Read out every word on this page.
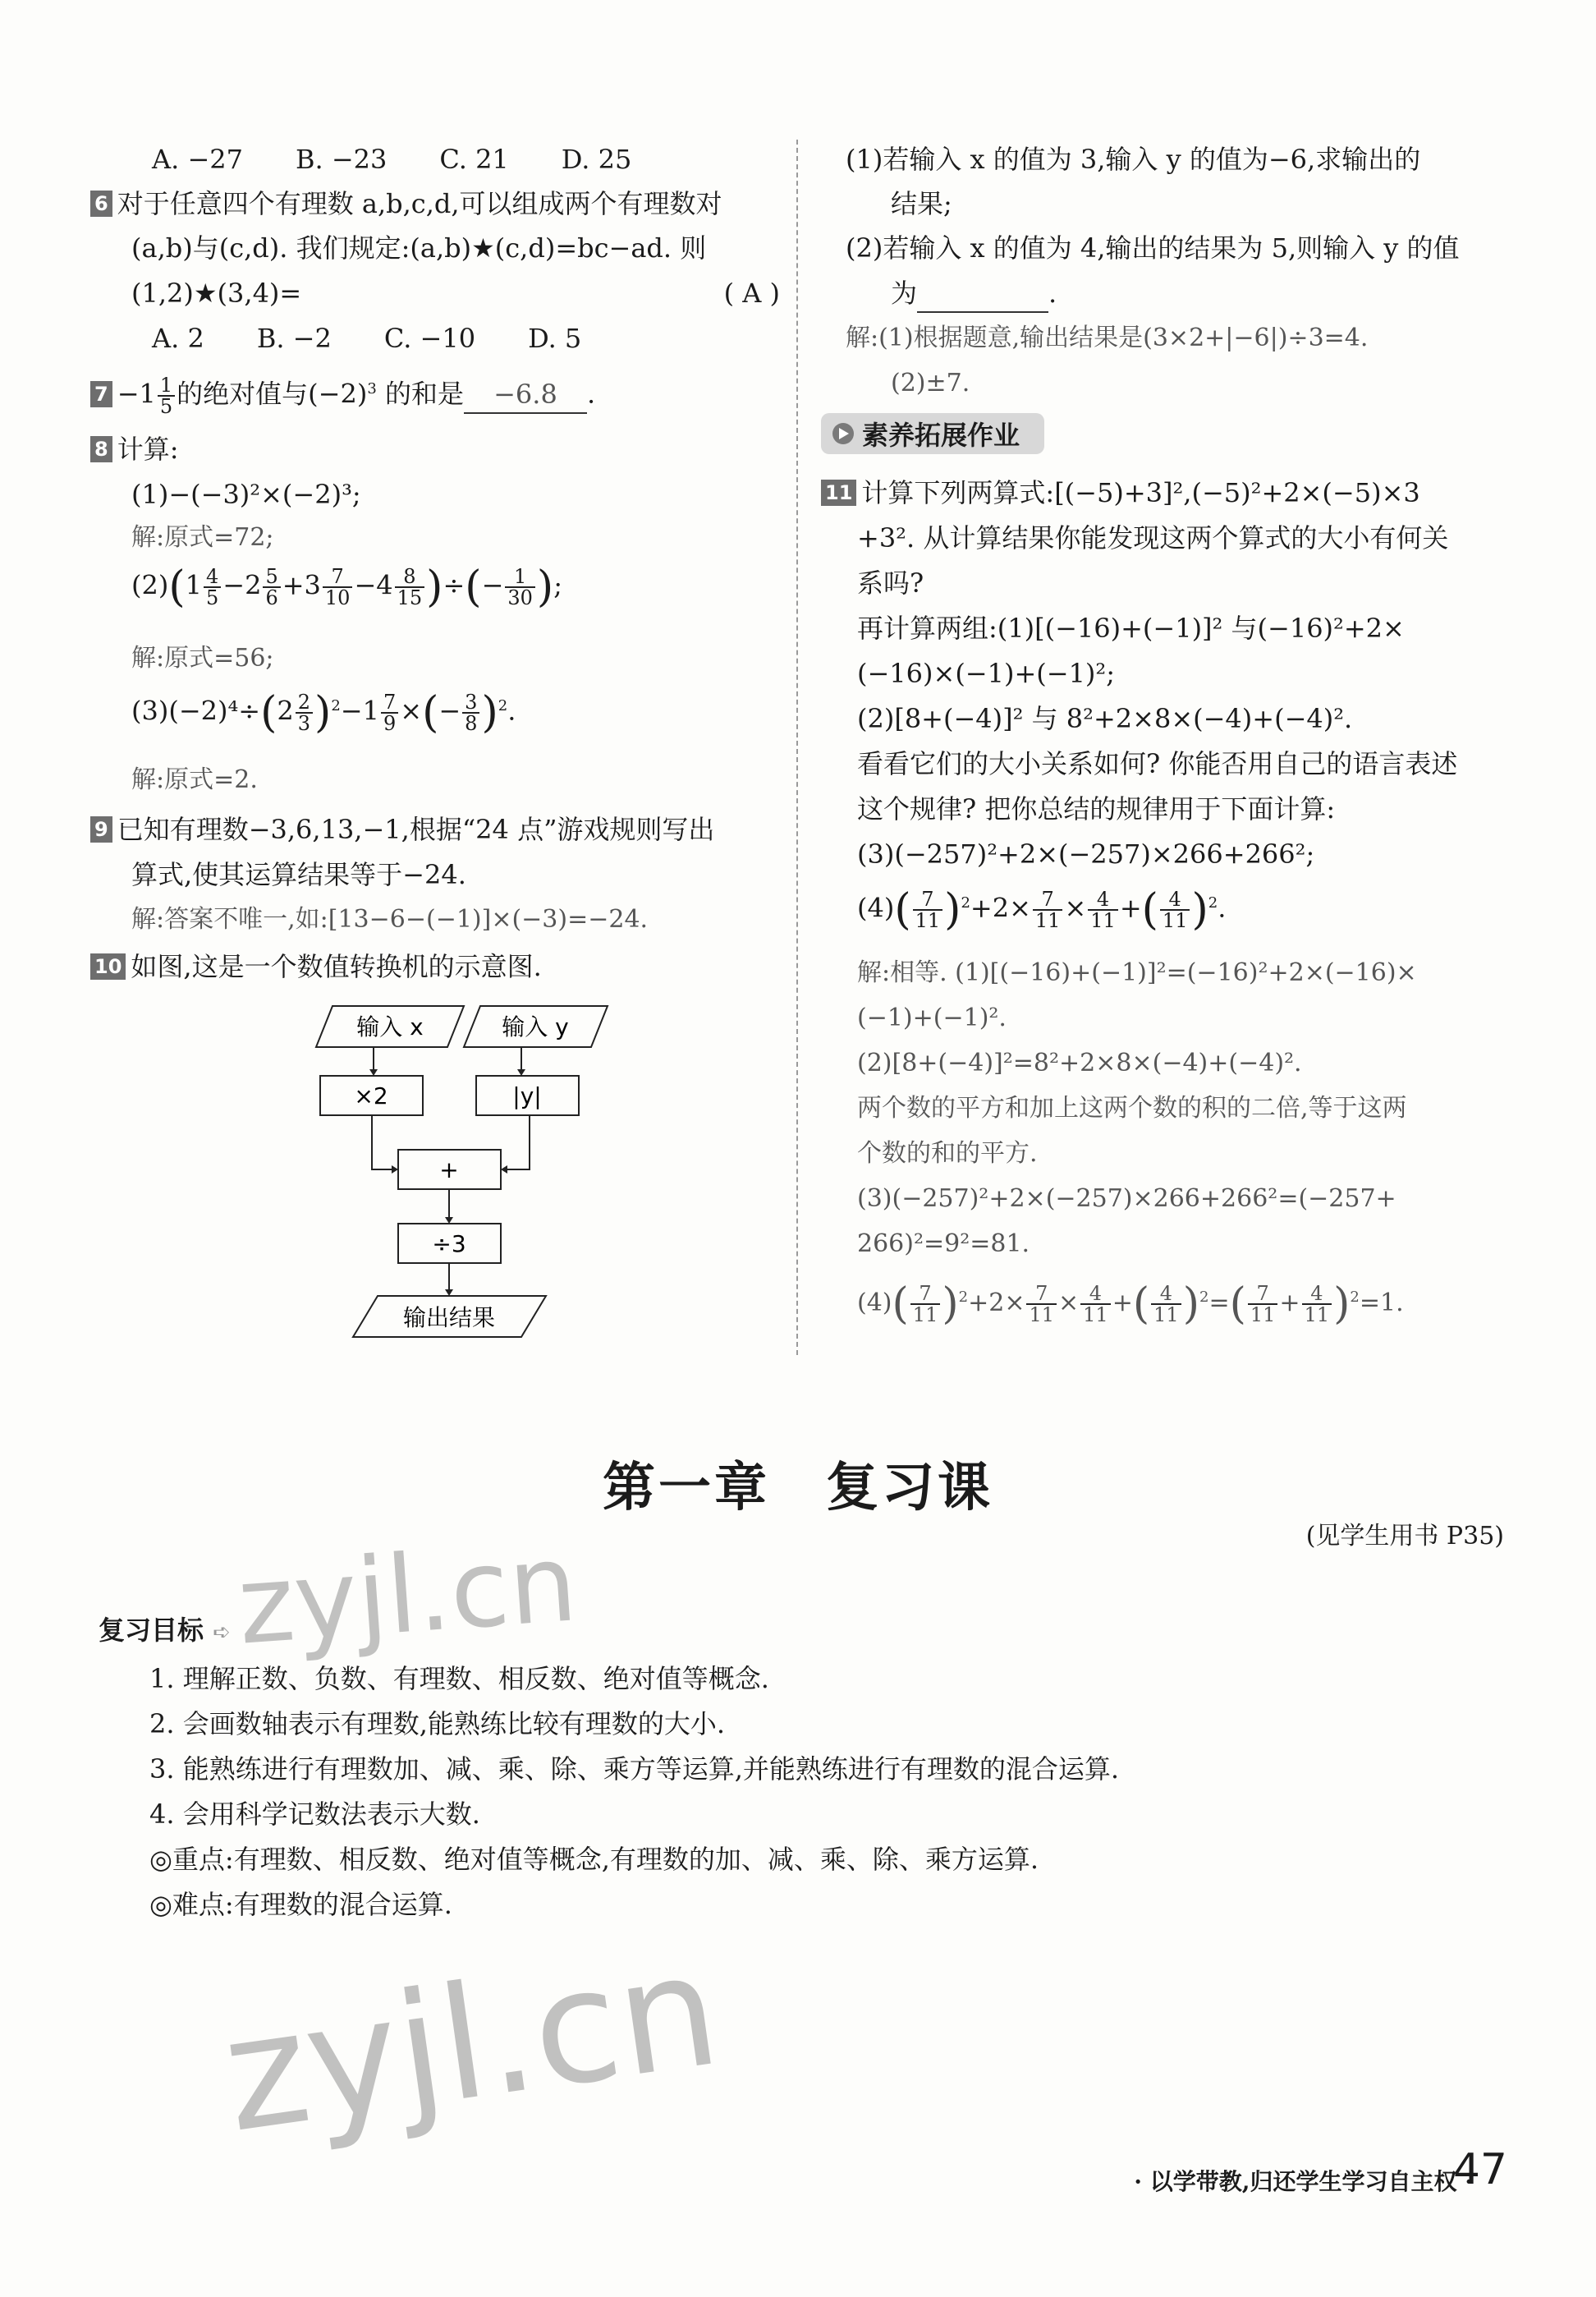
A. −27　　B. −23　　C. 21　　D. 25
6 对于任意四个有理数 a,b,c,d,可以组成两个有理数对
(a,b)与(c,d). 我们规定:(a,b)★(c,d)=bc−ad. 则
(1,2)★(3,4)=	( A )
A. 2　　B. −2　　C. −10　　D. 5
$7 -1 \frac{1}{5}$ 的绝对值与$(-2)^3$ 的和是 −6.8 .
8 计算:
(1)−(−3)²×(−2)³;
解:原式=72;
$(2)(1 \frac{4}{5} -2 \frac{5}{6} +3 \frac{7}{10} -4 \frac{8}{15}$ )÷(− $\frac{1}{30}$ );
解:原式=56;
$(3)(-2)^4\div(2 \frac{2}{3} )^2-1 \frac{7}{9}$ ×(− $\frac{3}{8} )^2$.
解:原式=2.
9 已知有理数−3,6,13,−1,根据“24 点”游戏规则写出
算式,使其运算结果等于−24.
解:答案不唯一,如:[13−6−(−1)]×(−3)=−24.
10 如图,这是一个数值转换机的示意图.
输入 x	输入 y
×2	|y|
+
÷3
输出结果
(1)若输入 x 的值为 3,输入 y 的值为−6,求输出的
结果;
(2)若输入 x 的值为 4,输出的结果为 5,则输入 y 的值
为	.
解:(1)根据题意,输出结果是(3×2+|−6|)÷3=4.
(2)±7.
素养拓展作业
11 计算下列两算式:[(−5)+3]²,(−5)²+2×(−5)×3
+3². 从计算结果你能发现这两个算式的大小有何关
系吗?
再计算两组:(1)[(−16)+(−1)]² 与(−16)²+2×
(−16)×(−1)+(−1)²;
(2)[8+(−4)]² 与 8²+2×8×(−4)+(−4)².
看看它们的大小关系如何? 你能否用自己的语言表述
这个规律? 把你总结的规律用于下面计算:
(3)(−257)²+2×(−257)×266+266²;
$(4)( \frac{7}{11} )^2+2\times \frac{7}{11} \times \frac{4}{11}$ +( $\frac{4}{11} )^2$.
解:相等. (1)[(−16)+(−1)]²=(−16)²+2×(−16)×
(−1)+(−1)².
(2)[8+(−4)]²=8²+2×8×(−4)+(−4)².
两个数的平方和加上这两个数的积的二倍,等于这两
个数的和的平方.
(3)(−257)²+2×(−257)×266+266²=(−257+
266)²=9²=81.
$(4)( \frac{7}{11} )^2+2\times \frac{7}{11} \times \frac{4}{11}$ +( $\frac{4}{11} )^2=( \frac{7}{11} + \frac{4}{11} )^2=1$.
第一章　复习课
(见学生用书 P35)
复习目标 ➪
1. 理解正数、负数、有理数、相反数、绝对值等概念.
2. 会画数轴表示有理数,能熟练比较有理数的大小.
3. 能熟练进行有理数加、减、乘、除、乘方等运算,并能熟练进行有理数的混合运算.
4. 会用科学记数法表示大数.
◎重点:有理数、相反数、绝对值等概念,有理数的加、减、乘、除、乘方运算.
◎难点:有理数的混合运算.
zyjl.cn
zyjl.cn
· 以学带教,归还学生学习自主权 ·
47
